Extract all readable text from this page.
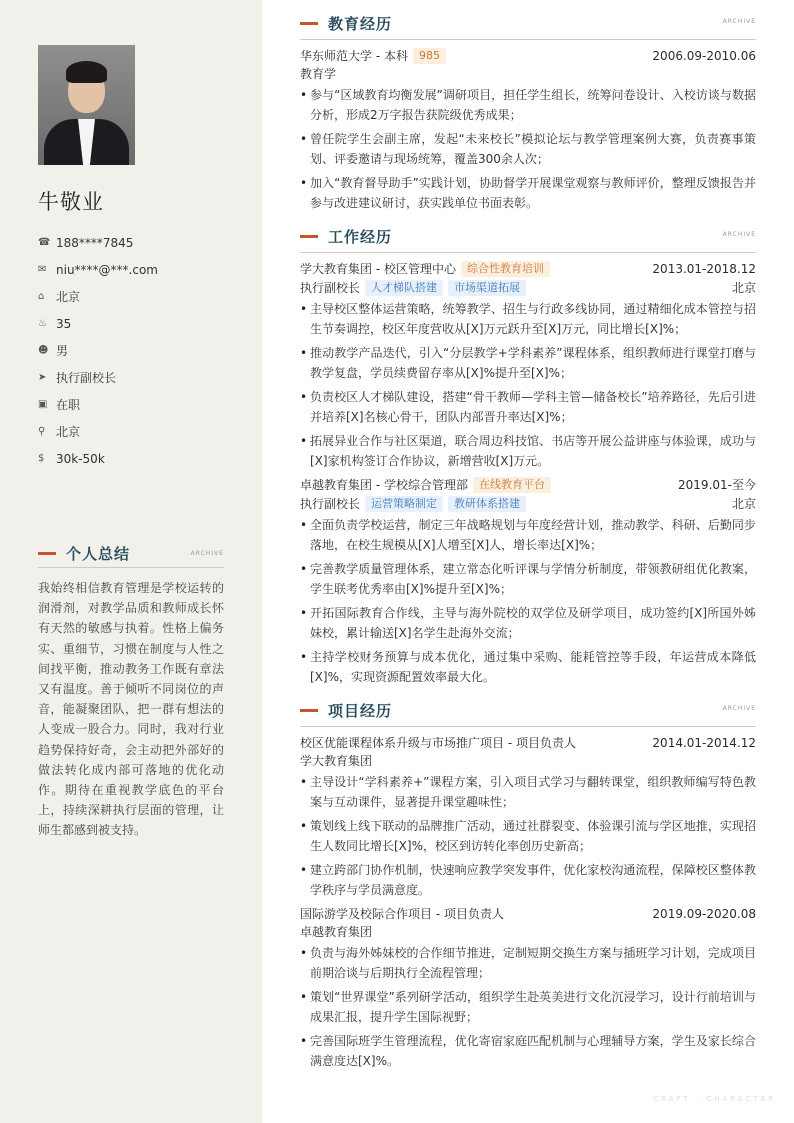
牛敬业
☎ 188****7845
✉ niu****@***.com
⌂ 北京
♨ 35
☻ 男
➤ 执行副校长
▣ 在职
⚲ 北京
$ 30k-50k
个人总结	ARCHIVE
我始终相信教育管理是学校运转的润滑剂，对教学品质和教师成长怀有天然的敏感与执着。性格上偏务实、重细节，习惯在制度与人性之间找平衡，推动教务工作既有章法又有温度。善于倾听不同岗位的声音，能凝聚团队，把一群有想法的人变成一股合力。同时，我对行业趋势保持好奇，会主动把外部好的做法转化成内部可落地的优化动作。期待在重视教学底色的平台上，持续深耕执行层面的管理，让师生都感到被支持。
教育经历	ARCHIVE
华东师范大学 - 本科	985	2006.09-2010.06
教育学
• 参与“区域教育均衡发展”调研项目，担任学生组长，统筹问卷设计、入校访谈与数据分析，形成2万字报告获院级优秀成果；
• 曾任院学生会副主席，发起“未来校长”模拟论坛与教学管理案例大赛，负责赛事策划、评委邀请与现场统筹，覆盖300余人次；
• 加入“教育督导助手”实践计划，协助督学开展课堂观察与教师评价，整理反馈报告并参与改进建议研讨，获实践单位书面表彰。
工作经历	ARCHIVE
学大教育集团 - 校区管理中心	综合性教育培训	2013.01-2018.12
执行副校长	人才梯队搭建	市场渠道拓展	北京
• 主导校区整体运营策略，统筹教学、招生与行政多线协同，通过精细化成本管控与招生节奏调控，校区年度营收从[X]万元跃升至[X]万元，同比增长[X]%；
• 推动教学产品迭代，引入“分层教学+学科素养”课程体系，组织教师进行课堂打磨与教学复盘，学员续费留存率从[X]%提升至[X]%；
• 负责校区人才梯队建设，搭建“骨干教师—学科主管—储备校长”培养路径，先后引进并培养[X]名核心骨干，团队内部晋升率达[X]%；
• 拓展异业合作与社区渠道，联合周边科技馆、书店等开展公益讲座与体验课，成功与[X]家机构签订合作协议，新增营收[X]万元。
卓越教育集团 - 学校综合管理部	在线教育平台	2019.01-至今
执行副校长	运营策略制定	教研体系搭建	北京
• 全面负责学校运营，制定三年战略规划与年度经营计划，推动教学、科研、后勤同步落地，在校生规模从[X]人增至[X]人，增长率达[X]%；
• 完善教学质量管理体系，建立常态化听评课与学情分析制度，带领教研组优化教案，学生联考优秀率由[X]%提升至[X]%；
• 开拓国际教育合作线，主导与海外院校的双学位及研学项目，成功签约[X]所国外姊妹校，累计输送[X]名学生赴海外交流；
• 主持学校财务预算与成本优化，通过集中采购、能耗管控等手段，年运营成本降低[X]%，实现资源配置效率最大化。
项目经历	ARCHIVE
校区优能课程体系升级与市场推广项目 - 项目负责人	2014.01-2014.12
学大教育集团
• 主导设计“学科素养+”课程方案，引入项目式学习与翻转课堂，组织教师编写特色教案与互动课件，显著提升课堂趣味性；
• 策划线上线下联动的品牌推广活动，通过社群裂变、体验课引流与学区地推，实现招生人数同比增长[X]%，校区到访转化率创历史新高；
• 建立跨部门协作机制，快速响应教学突发事件，优化家校沟通流程，保障校区整体教学秩序与学员满意度。
国际游学及校际合作项目 - 项目负责人	2019.09-2020.08
卓越教育集团
• 负责与海外姊妹校的合作细节推进，定制短期交换生方案与插班学习计划，完成项目前期洽谈与后期执行全流程管理；
• 策划“世界课堂”系列研学活动，组织学生赴英美进行文化沉浸学习，设计行前培训与成果汇报，提升学生国际视野；
• 完善国际班学生管理流程，优化寄宿家庭匹配机制与心理辅导方案，学生及家长综合满意度达[X]%。
CRAFT · CHARACTER
